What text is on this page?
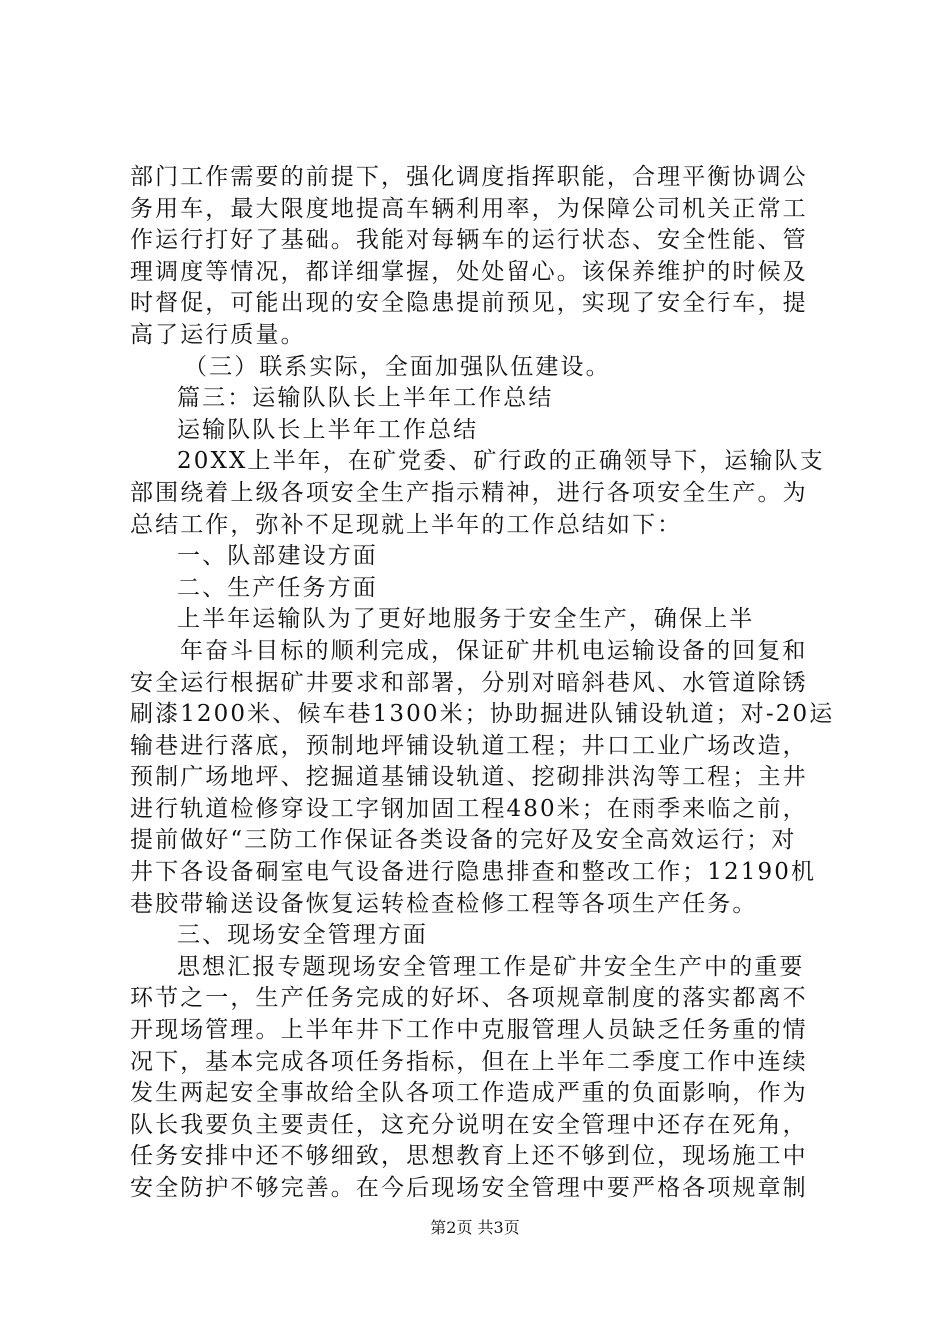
部门工作需要的前提下，强化调度指挥职能，合理平衡协调公
务用车，最大限度地提高车辆利用率，为保障公司机关正常工
作运行打好了基础。我能对每辆车的运行状态、安全性能、管
理调度等情况，都详细掌握，处处留心。该保养维护的时候及
时督促，可能出现的安全隐患提前预见，实现了安全行车，提
高了运行质量。
（三）联系实际，全面加强队伍建设。
篇三：运输队队长上半年工作总结
运输队队长上半年工作总结
20XX上半年，在矿党委、矿行政的正确领导下，运输队支
部围绕着上级各项安全生产指示精神，进行各项安全生产。为
总结工作，弥补不足现就上半年的工作总结如下：
一、队部建设方面
二、生产任务方面
上半年运输队为了更好地服务于安全生产，确保上半
年奋斗目标的顺利完成，保证矿井机电运输设备的回复和
安全运行根据矿井要求和部署，分别对暗斜巷风、水管道除锈
刷漆1200米、候车巷1300米；协助掘进队铺设轨道；对-20运
输巷进行落底，预制地坪铺设轨道工程；井口工业广场改造，
预制广场地坪、挖掘道基铺设轨道、挖砌排洪沟等工程；主井
进行轨道检修穿设工字钢加固工程480米；在雨季来临之前，
提前做好“三防工作保证各类设备的完好及安全高效运行；对
井下各设备硐室电气设备进行隐患排查和整改工作；12190机
巷胶带输送设备恢复运转检查检修工程等各项生产任务。
三、现场安全管理方面
思想汇报专题现场安全管理工作是矿井安全生产中的重要
环节之一，生产任务完成的好坏、各项规章制度的落实都离不
开现场管理。上半年井下工作中克服管理人员缺乏任务重的情
况下，基本完成各项任务指标，但在上半年二季度工作中连续
发生两起安全事故给全队各项工作造成严重的负面影响，作为
队长我要负主要责任，这充分说明在安全管理中还存在死角，
任务安排中还不够细致，思想教育上还不够到位，现场施工中
安全防护不够完善。在今后现场安全管理中要严格各项规章制
第2页 共3页
